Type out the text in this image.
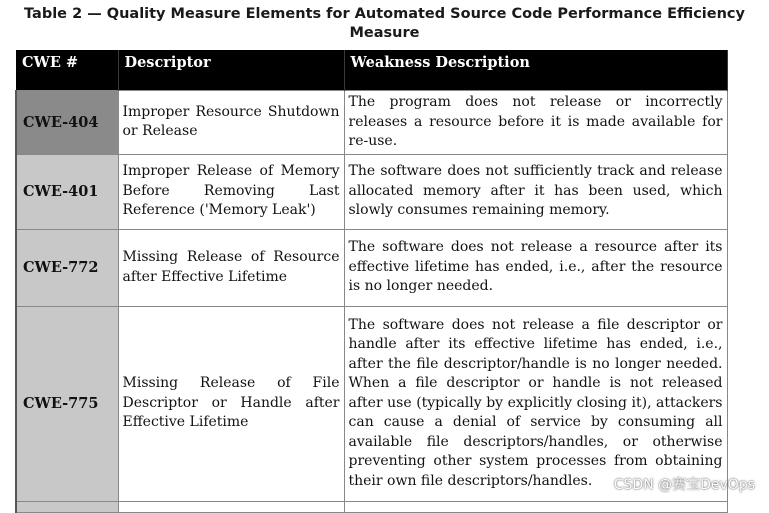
Table 2 — Quality Measure Elements for Automated Source Code Performance Efficiency
Measure
CWE #	Descriptor	Weakness Description
CWE-404	Improper Resource Shutdown or Release	The program does not release or incorrectly releases a resource before it is made available for re-use.
CWE-401	Improper Release of Memory Before Removing Last Reference ('Memory Leak')	The software does not sufficiently track and release allocated memory after it has been used, which slowly consumes remaining memory.
CWE-772	Missing Release of Resource after Effective Lifetime	The software does not release a resource after its effective lifetime has ended, i.e., after the resource is no longer needed.
CWE-775	Missing Release of File Descriptor or Handle after Effective Lifetime	The software does not release a file descriptor or handle after its effective lifetime has ended, i.e., after the file descriptor/handle is no longer needed. When a file descriptor or handle is not released after use (typically by explicitly closing it), attackers can cause a denial of service by consuming all available file descriptors/handles, or otherwise preventing other system processes from obtaining their own file descriptors/handles.
		CSDN @赛宝DevOps
